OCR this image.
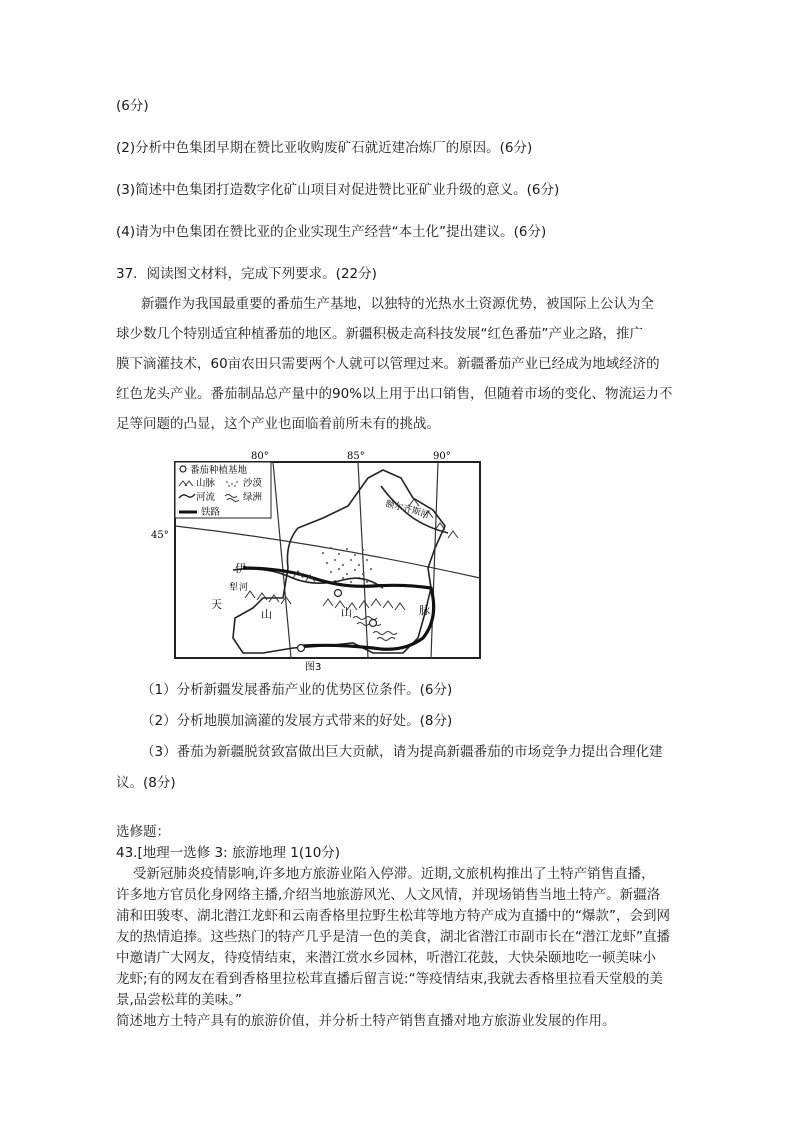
(6分)
(2)分析中色集团早期在赞比亚收购废矿石就近建冶炼厂的原因。(6分)
(3)简述中色集团打造数字化矿山项目对促进赞比亚矿业升级的意义。(6分)
(4)请为中色集团在赞比亚的企业实现生产经营“本土化”提出建议。(6分)
37．阅读图文材料，完成下列要求。(22分)
新疆作为我国最重要的番茄生产基地，以独特的光热水土资源优势，被国际上公认为全
球少数几个特别适宜种植番茄的地区。新疆积极走高科技发展“红色番茄”产业之路，推广
膜下滴灌技术，60亩农田只需要两个人就可以管理过来。新疆番茄产业已经成为地域经济的
红色龙头产业。番茄制品总产量中的90%以上用于出口销售，但随着市场的变化、物流运力不
足等问题的凸显，这个产业也面临着前所未有的挑战。
番茄种植基地
山脉	沙漠
河流	绿洲
铁路
80°	85°	90°
45°
伊
犁 河
天
山	山	脉
额尔齐斯河
图3
（1）分析新疆发展番茄产业的优势区位条件。(6分)
（2）分析地膜加滴灌的发展方式带来的好处。(8分)
（3）番茄为新疆脱贫致富做出巨大贡献，请为提高新疆番茄的市场竞争力提出合理化建
议。(8分)
选修题：
43.[地理一选修 3: 旅游地理 1(10分)
受新冠肺炎疫情影响,许多地方旅游业陷入停滞。近期,文旅机构推出了土特产销售直播，
许多地方官员化身网络主播,介绍当地旅游风光、人文风情，并现场销售当地土特产。新疆洛
浦和田骏枣、湖北潜江龙虾和云南香格里拉野生松茸等地方特产成为直播中的“爆款”，会到网
友的热情追捧。这些热门的特产几乎是清一色的美食，湖北省潜江市副市长在“潜江龙虾”直播
中邀请广大网友，待疫情结束，来潜江赏水乡园林，听潜江花鼓，大快朵颐地吃一顿美味小
龙虾;有的网友在看到香格里拉松茸直播后留言说:“等疫情结束,我就去香格里拉看天堂般的美
景,品尝松茸的美味。”
简述地方土特产具有的旅游价值，并分析土特产销售直播对地方旅游业发展的作用。
